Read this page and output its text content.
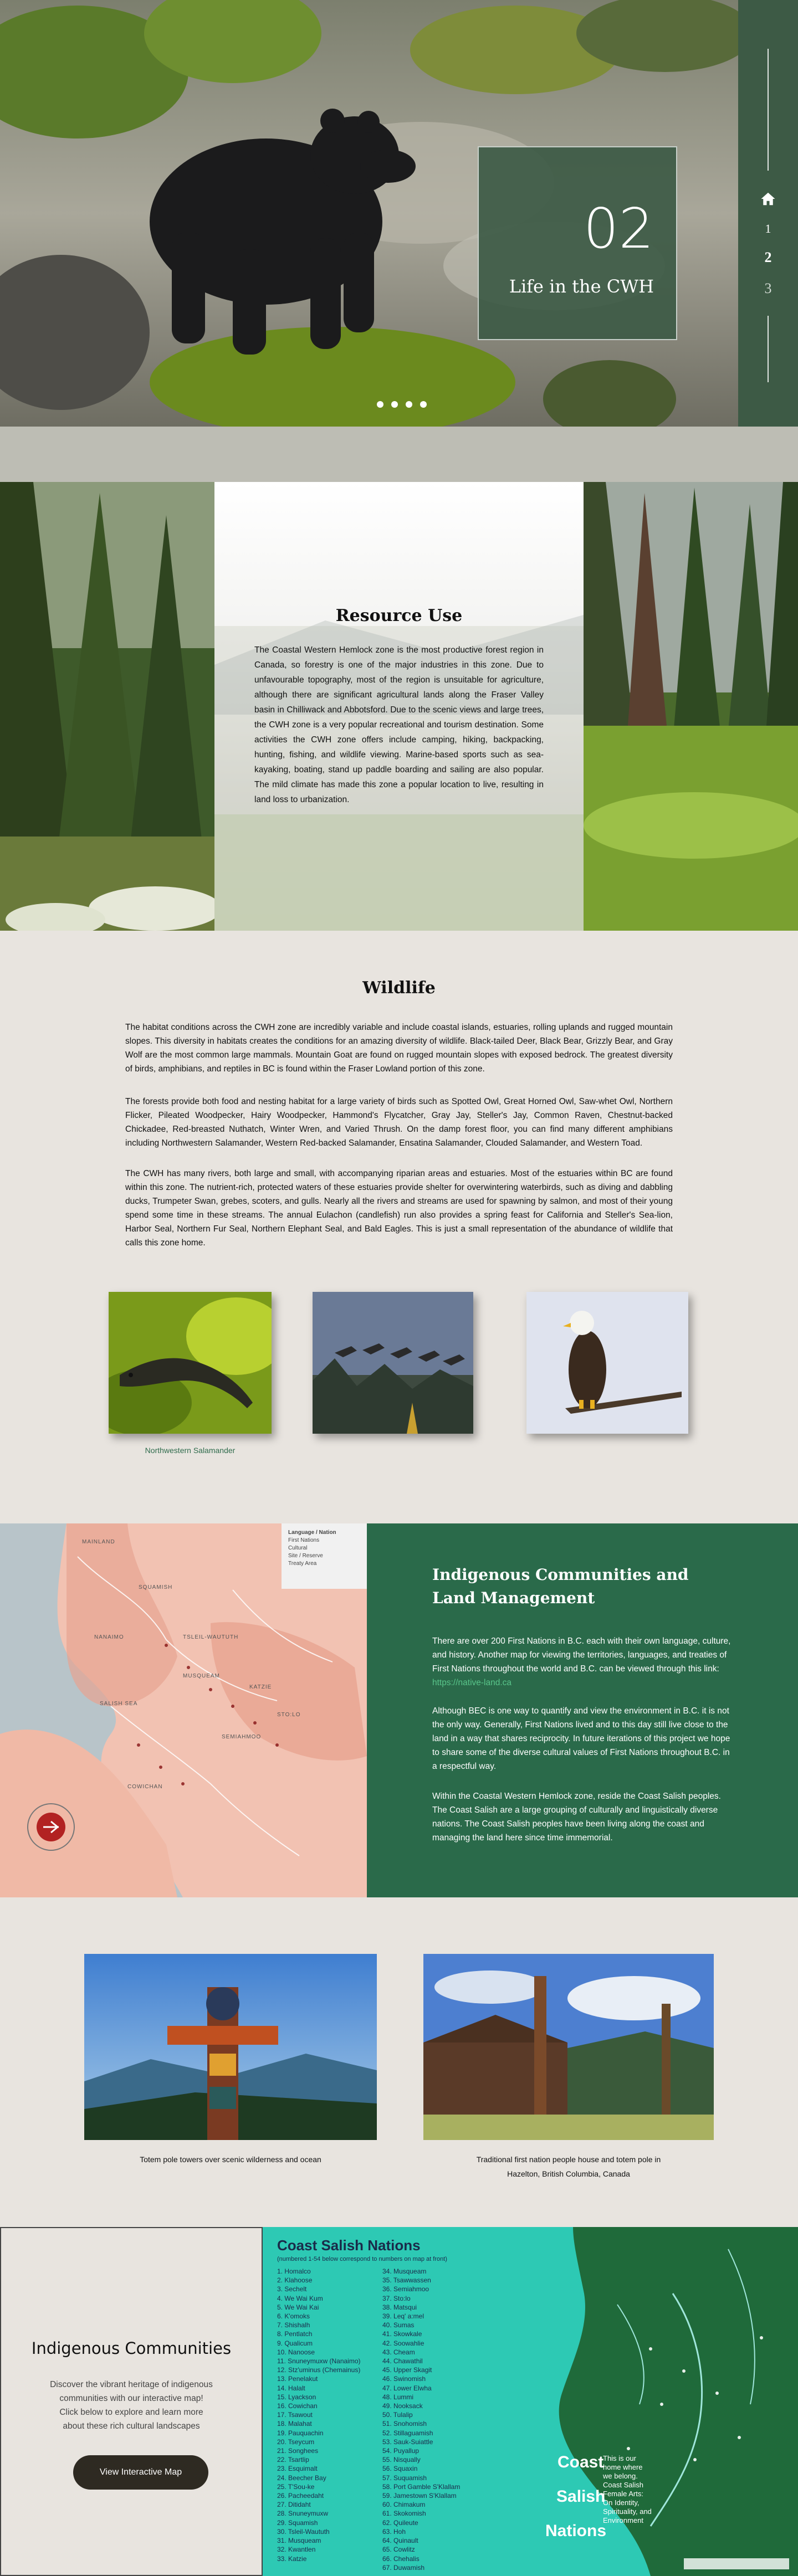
02
Life in the CWH
1
2
3
Resource Use

The Coastal Western Hemlock zone is the most productive forest region in Canada, so forestry is one of the major industries in this zone. Due to unfavourable topography, most of the region is unsuitable for agriculture, although there are significant agricultural lands along the Fraser Valley basin in Chilliwack and Abbotsford. Due to the scenic views and large trees, the CWH zone is a very popular recreational and tourism destination. Some activities the CWH zone offers include camping, hiking, backpacking, hunting, fishing, and wildlife viewing. Marine-based sports such as sea-kayaking, boating, stand up paddle boarding and sailing are also popular. The mild climate has made this zone a popular location to live, resulting in land loss to urbanization.

Wildlife

The habitat conditions across the CWH zone are incredibly variable and include coastal islands, estuaries, rolling uplands and rugged mountain slopes. This diversity in habitats creates the conditions for an amazing diversity of wildlife. Black-tailed Deer, Black Bear, Grizzly Bear, and Gray Wolf are the most common large mammals. Mountain Goat are found on rugged mountain slopes with exposed bedrock. The greatest diversity of birds, amphibians, and reptiles in BC is found within the Fraser Lowland portion of this zone.

The forests provide both food and nesting habitat for a large variety of birds such as Spotted Owl, Great Horned Owl, Saw-whet Owl, Northern Flicker, Pileated Woodpecker, Hairy Woodpecker, Hammond's Flycatcher, Gray Jay, Steller's Jay, Common Raven, Chestnut-backed Chickadee, Red-breasted Nuthatch, Winter Wren, and Varied Thrush. On the damp forest floor, you can find many different amphibians including Northwestern Salamander, Western Red-backed Salamander, Ensatina Salamander, Clouded Salamander, and Western Toad.

The CWH has many rivers, both large and small, with accompanying riparian areas and estuaries. Most of the estuaries within BC are found within this zone. The nutrient-rich, protected waters of these estuaries provide shelter for overwintering waterbirds, such as diving and dabbling ducks, Trumpeter Swan, grebes, scoters, and gulls. Nearly all the rivers and streams are used for spawning by salmon, and most of their young spend some time in these streams. The annual Eulachon (candlefish) run also provides a spring feast for California and Steller's Sea-lion, Harbor Seal, Northern Fur Seal, Northern Elephant Seal, and Bald Eagles. This is just a small representation of the abundance of wildlife that calls this zone home.

Northwestern Salamander
Language / Nation
First Nations
Cultural
Site / Reserve
Treaty Area
MAINLAND
SQUAMISH
TSLEIL-WAUTUTH
MUSQUEAM
KATZIE
SEMIAHMOO
COWICHAN
STO:LO
SALISH SEA
NANAIMO
Indigenous Communities and Land Management

There are over 200 First Nations in B.C. each with their own language, culture, and history. Another map for viewing the territories, languages, and treaties of First Nations throughout the world and B.C. can be viewed through this link: https://native-land.ca

Although BEC is one way to quantify and view the environment in B.C. it is not the only way. Generally, First Nations lived and to this day still live close to the land in a way that shares reciprocity. In future iterations of this project we hope to share some of the diverse cultural values of First Nations throughout B.C. in a respectful way.

Within the Coastal Western Hemlock zone, reside the Coast Salish peoples. The Coast Salish are a large grouping of culturally and linguistically diverse nations. The Coast Salish peoples have been living along the coast and managing the land here since time immemorial.

Totem pole towers over scenic wilderness and ocean	Traditional first nation people house and totem pole in
Hazelton, British Columbia, Canada
Indigenous Communities

Discover the vibrant heritage of indigenous communities with our interactive map! Click below to explore and learn more about these rich cultural landscapes

View Interactive Map
Coast Salish Nations
(numbered 1-54 below correspond to numbers on map at front)
1. Homalco
2. Klahoose
3. Sechelt
4. We Wai Kum
5. We Wai Kai
6. K'omoks
7. Shishalh
8. Pentlatch
9. Qualicum
10. Nanoose
11. Snuneymuxw (Nanaimo)
12. Stz'uminus (Chemainus)
13. Penelakut
14. Halalt
15. Lyackson
16. Cowichan
17. Tsawout
18. Malahat
19. Pauquachin
20. Tseycum
21. Songhees
22. Tsartlip
23. Esquimalt
24. Beecher Bay
25. T'Sou-ke
26. Pacheedaht
27. Ditidaht
28. Snuneymuxw
29. Squamish
30. Tsleil-Waututh
31. Musqueam
32. Kwantlen
33. Katzie
34. Musqueam
35. Tsawwassen
36. Semiahmoo
37. Sto:lo
38. Matsqui
39. Leq' a:mel
40. Sumas
41. Skowkale
42. Soowahlie
43. Cheam
44. Chawathil
45. Upper Skagit
46. Swinomish
47. Lower Elwha
48. Lummi
49. Nooksack
50. Tulalip
51. Snohomish
52. Stillaguamish
53. Sauk-Suiattle
54. Puyallup
55. Nisqually
56. Squaxin
57. Suquamish
58. Port Gamble S'Klallam
59. Jamestown S'Klallam
60. Chimakum
61. Skokomish
62. Quileute
63. Hoh
64. Quinault
65. Cowlitz
66. Chehalis
67. Duwamish
Coast
Salish
Nations
This is our home where we belong. Coast Salish Female Arts: On Identity, Spirituality, and Environment
